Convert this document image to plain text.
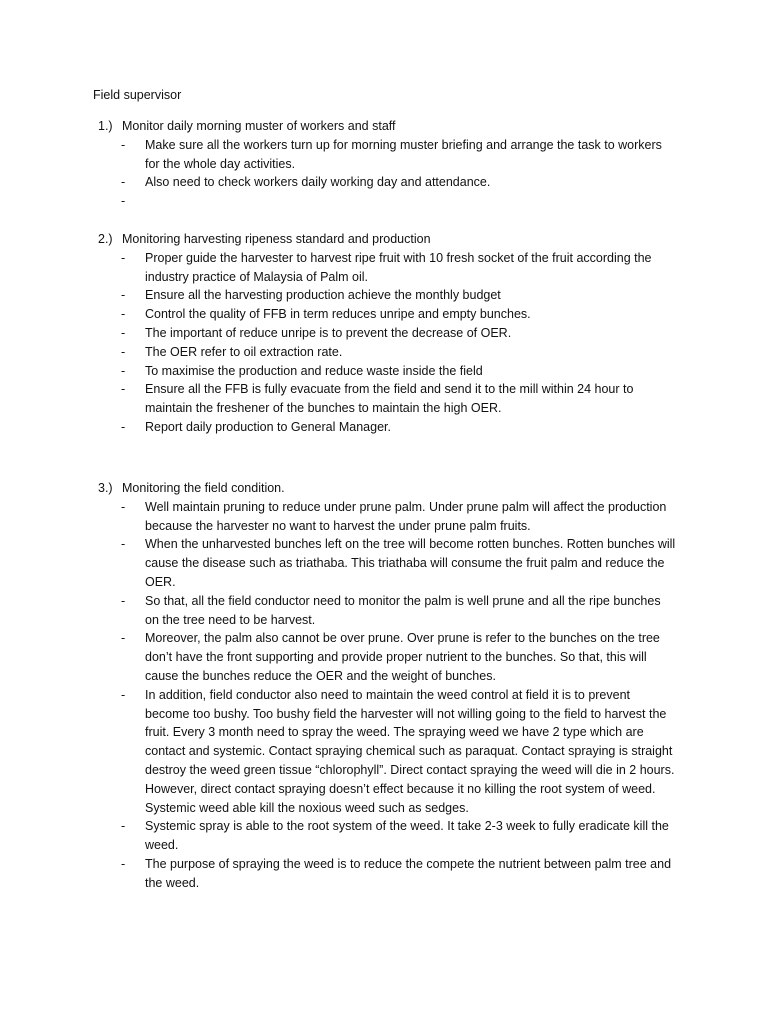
Field supervisor
1.) Monitor daily morning muster of workers and staff
- Make sure all the workers turn up for morning muster briefing and arrange the task to workers for the whole day activities.
- Also need to check workers daily working day and attendance.
-
2.) Monitoring harvesting ripeness standard and production
- Proper guide the harvester to harvest ripe fruit with 10 fresh socket of the fruit according the industry practice of Malaysia of Palm oil.
- Ensure all the harvesting production achieve the monthly budget
- Control the quality of FFB in term reduces unripe and empty bunches.
- The important of reduce unripe is to prevent the decrease of OER.
- The OER refer to oil extraction rate.
- To maximise the production and reduce waste inside the field
- Ensure all the FFB is fully evacuate from the field and send it to the mill within 24 hour to maintain the freshener of the bunches to maintain the high OER.
- Report daily production to General Manager.
3.) Monitoring the field condition.
- Well maintain pruning to reduce under prune palm. Under prune palm will affect the production because the harvester no want to harvest the under prune palm fruits.
- When the unharvested bunches left on the tree will become rotten bunches. Rotten bunches will cause the disease such as triathaba. This triathaba will consume the fruit palm and reduce the OER.
- So that, all the field conductor need to monitor the palm is well prune and all the ripe bunches on the tree need to be harvest.
- Moreover, the palm also cannot be over prune. Over prune is refer to the bunches on the tree don’t have the front supporting and provide proper nutrient to the bunches. So that, this will cause the bunches reduce the OER and the weight of bunches.
- In addition, field conductor also need to maintain the weed control at field it is to prevent become too bushy. Too bushy field the harvester will not willing going to the field to harvest the fruit. Every 3 month need to spray the weed. The spraying weed we have 2 type which are contact and systemic. Contact spraying chemical such as paraquat. Contact spraying is straight destroy the weed green tissue “chlorophyll”. Direct contact spraying the weed will die in 2 hours. However, direct contact spraying doesn’t effect because it no killing the root system of weed. Systemic weed able kill the noxious weed such as sedges.
- Systemic spray is able to the root system of the weed. It take 2-3 week to fully eradicate kill the weed.
- The purpose of spraying the weed is to reduce the compete the nutrient between palm tree and the weed.
